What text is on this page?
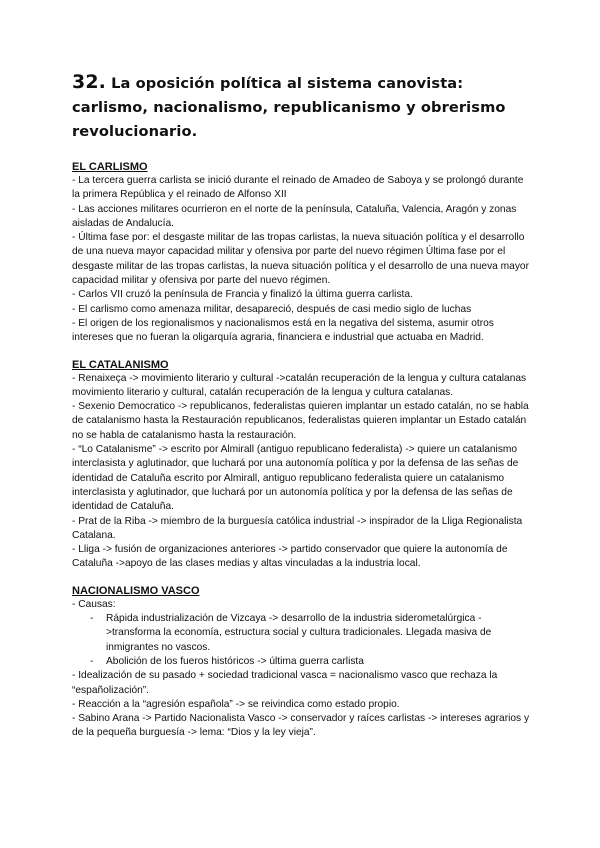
32. La oposición política al sistema canovista: carlismo, nacionalismo, republicanismo y obrerismo revolucionario.
EL CARLISMO
- La tercera guerra carlista se inició durante el reinado de Amadeo de Saboya y se prolongó durante la primera República y el reinado de Alfonso XII
- Las acciones militares ocurrieron en el norte de la península, Cataluña, Valencia, Aragón y zonas aisladas de Andalucía.
- Última fase por: el desgaste militar de las tropas carlistas, la nueva situación política y el desarrollo de una nueva mayor capacidad militar y ofensiva por parte del nuevo régimen Última fase por el desgaste militar de las tropas carlistas, la nueva situación política y el desarrollo de una nueva mayor capacidad militar y ofensiva por parte del nuevo régimen.
- Carlos VII cruzó la península de Francia y finalizó la última guerra carlista.
- El carlismo como amenaza militar, desapareció, después de casi medio siglo de luchas
- El origen de los regionalismos y nacionalismos está en la negativa del sistema, asumir otros intereses que no fueran la oligarquía agraria, financiera e industrial que actuaba en Madrid.
EL CATALANISMO
- Renaixeça -> movimiento literario y cultural ->catalán recuperación de la lengua y cultura catalanas movimiento literario y cultural, catalán recuperación de la lengua y cultura catalanas.
- Sexenio Democratico -> republicanos, federalistas quieren implantar un estado catalán, no se habla de catalanismo hasta la Restauración republicanos, federalistas quieren implantar un Estado catalán no se habla de catalanismo hasta la restauración.
- “Lo Catalanisme” -> escrito por Almirall (antiguo republicano federalista) -> quiere un catalanismo interclasista y aglutinador, que luchará por una autonomía política y por la defensa de las señas de identidad de Cataluña escrito por Almirall, antiguo republicano federalista quiere un catalanismo interclasista y aglutinador, que luchará por un autonomía política y por la defensa de las señas de identidad de Cataluña.
- Prat de la Riba -> miembro de la burguesía católica industrial -> inspirador de la Lliga Regionalista Catalana.
- Lliga -> fusión de organizaciones anteriores -> partido conservador que quiere la autonomía de Cataluña ->apoyo de las clases medias y altas vinculadas a la industria local.
NACIONALISMO VASCO
- Causas:
- Rápida industrialización de Vizcaya -> desarrollo de la industria siderometalúrgica ->transforma la economía, estructura social y cultura tradicionales. Llegada masiva de inmigrantes no vascos.
- Abolición de los fueros históricos -> última guerra carlista
- Idealización de su pasado + sociedad tradicional vasca = nacionalismo vasco que rechaza la “españolización”.
- Reacción a la “agresión española” -> se reivindica como estado propio.
- Sabino Arana -> Partido Nacionalista Vasco -> conservador y raíces carlistas -> intereses agrarios y de la pequeña burguesía -> lema: “Dios y la ley vieja”.
